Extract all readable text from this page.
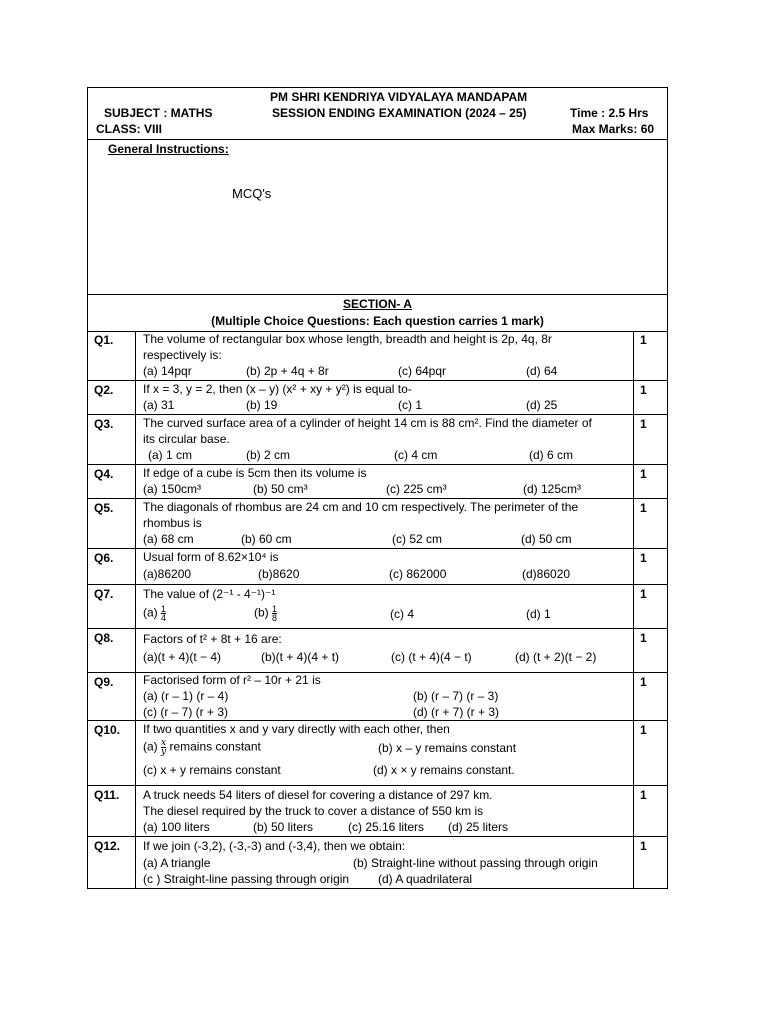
PM SHRI KENDRIYA VIDYALAYA MANDAPAM
SUBJECT : MATHS	SESSION ENDING EXAMINATION (2024 – 25)	Time : 2.5 Hrs
CLASS: VIII	Max Marks: 60
General Instructions:
MCQ's
SECTION- A
(Multiple Choice Questions: Each question carries 1 mark)
Q1.	The volume of rectangular box whose length, breadth and height is 2p, 4q, 8r
respectively is:
(a) 14pqr	(b) 2p + 4q + 8r	(c) 64pqr	(d) 64
1
Q2.	If x = 3, y = 2, then (x – y) (x² + xy + y²) is equal to-
(a) 31	(b) 19	(c) 1	(d) 25
1
Q3.	The curved surface area of a cylinder of height 14 cm is 88 cm². Find the diameter of
its circular base.
(a) 1 cm	(b) 2 cm	(c) 4 cm	(d) 6 cm
1
Q4.	If edge of a cube is 5cm then its volume is
(a) 150cm³	(b) 50 cm³	(c) 225 cm³	(d) 125cm³
1
Q5.	The diagonals of rhombus are 24 cm and 10 cm respectively. The perimeter of the
rhombus is
(a) 68 cm	(b) 60 cm	(c) 52 cm	(d) 50 cm
1
Q6.	Usual form of 8.62×10⁴ is
(a)86200	(b)8620	(c) 862000	(d)86020
1
Q7.	The value of (2⁻¹ - 4⁻¹)⁻¹
$(a) \frac{1}{4}$	$(b) \frac{1}{8}$	(c) 4	(d) 1
1
Q8.	Factors of t² + 8t + 16 are:
(a)(t + 4)(t − 4)	(b)(t + 4)(4 + t)	(c) (t + 4)(4 − t)	(d) (t + 2)(t − 2)
1
Q9.	Factorised form of r² – 10r + 21 is
(a) (r – 1) (r – 4)	(b) (r – 7) (r – 3)
(c) (r – 7) (r + 3)	(d) (r + 7) (r + 3)
1
Q10.	If two quantities x and y vary directly with each other, then
$(a) \frac{x}{y}$ remains constant	(b) x – y remains constant
(c) x + y remains constant	(d) x × y remains constant.
1
Q11.	A truck needs 54 liters of diesel for covering a distance of 297 km.
The diesel required by the truck to cover a distance of 550 km is
(a) 100 liters	(b) 50 liters	(c) 25.16 liters (d) 25 liters
1
Q12.	If we join (-3,2), (-3,-3) and (-3,4), then we obtain:
(a) A triangle	(b) Straight-line without passing through origin
(c ) Straight-line passing through origin (d) A quadrilateral
1
